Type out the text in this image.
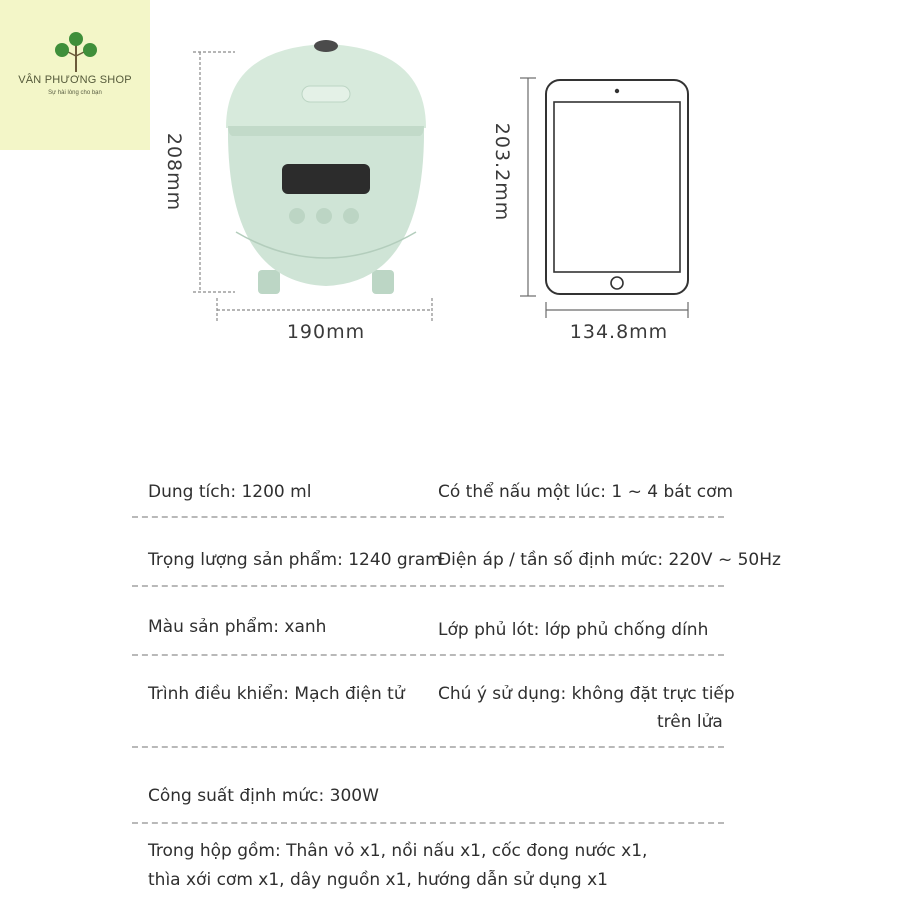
VÂN PHƯƠNG SHOP
Sự hài lòng cho bạn
208mm
190mm
203.2mm
134.8mm
Dung tích: 1200 ml	Có thể nấu một lúc: 1 ~ 4 bát cơm
Trọng lượng sản phẩm: 1240 gram
Điện áp / tần số định mức: 220V ~ 50Hz
Màu sản phẩm: xanh	Lớp phủ lót: lớp phủ chống dính
Trình điều khiển: Mạch điện tử Chú ý sử dụng: không đặt trực tiếp
trên lửa
Công suất định mức: 300W
Trong hộp gồm: Thân vỏ x1, nồi nấu x1, cốc đong nước x1,
thìa xới cơm x1, dây nguồn x1, hướng dẫn sử dụng x1
